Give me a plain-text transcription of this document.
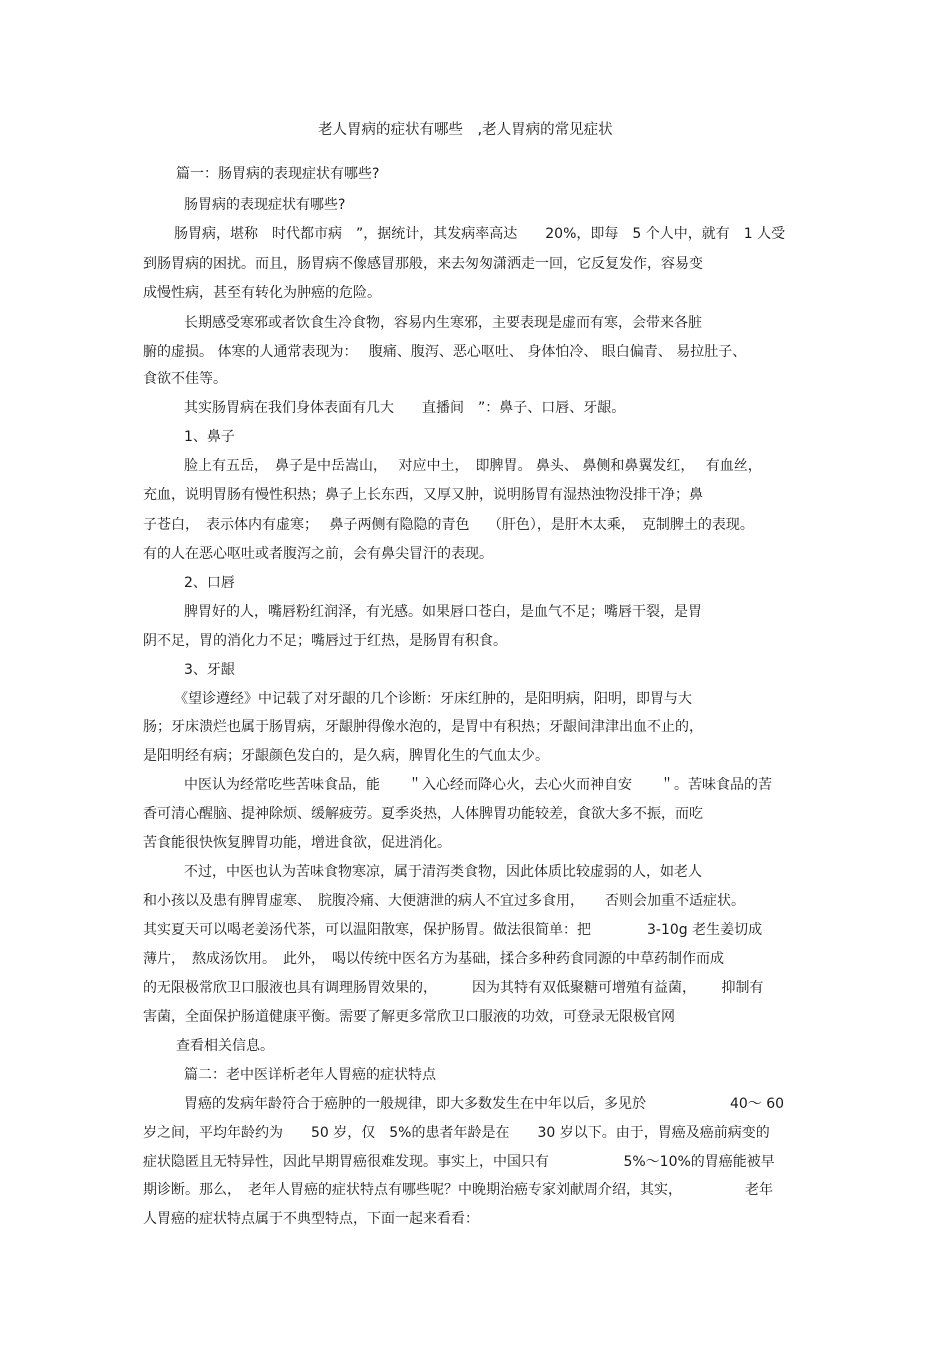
老人胃病的症状有哪些　,老人胃病的常见症状
篇一：肠胃病的表现症状有哪些?
肠胃病的表现症状有哪些?
肠胃病，堪称　时代都市病　”，据统计，其发病率高达　　20%，即每　5 个人中，就有　1 人受
到肠胃病的困扰。而且，肠胃病不像感冒那般，来去匆匆潇洒走一回，它反复发作，容易变
成慢性病，甚至有转化为肿癌的危险。
长期感受寒邪或者饮食生冷食物，容易内生寒邪，主要表现是虚而有寒，会带来各脏
腑的虚损。 体寒的人通常表现为：　 腹痛、腹泻、恶心呕吐、 身体怕冷、 眼白偏青、 易拉肚子、
食欲不佳等。
其实肠胃病在我们身体表面有几大　　直播间　”：鼻子、口唇、牙龈。
1、鼻子
脸上有五岳，　鼻子是中岳嵩山，　 对应中土，　即脾胃。 鼻头、 鼻侧和鼻翼发红，　 有血丝，
充血，说明胃肠有慢性积热；鼻子上长东西，又厚又肿，说明肠胃有湿热浊物没排干净；鼻
子苍白，　表示体内有虚寒；　 鼻子两侧有隐隐的青色　 （肝色），是肝木太乘，　克制脾土的表现。
有的人在恶心呕吐或者腹泻之前，会有鼻尖冒汗的表现。
2、口唇
脾胃好的人，嘴唇粉红润泽，有光感。如果唇口苍白，是血气不足；嘴唇干裂，是胃
阴不足，胃的消化力不足；嘴唇过于红热，是肠胃有积食。
3、牙龈
《望诊遵经》中记载了对牙龈的几个诊断：牙床红肿的，是阳明病，阳明，即胃与大
肠；牙床溃烂也属于肠胃病，牙龈肿得像水泡的，是胃中有积热；牙龈间津津出血不止的，
是阳明经有病；牙龈颜色发白的，是久病，脾胃化生的气血太少。
中医认为经常吃些苦味食品，能　　＂入心经而降心火，去心火而神自安　　＂。苦味食品的苦
香可清心醒脑、提神除烦、缓解疲劳。夏季炎热，人体脾胃功能较差，食欲大多不振，而吃
苦食能很快恢复脾胃功能，增进食欲，促进消化。
不过，中医也认为苦味食物寒凉，属于清泻类食物，因此体质比较虚弱的人，如老人
和小孩以及患有脾胃虚寒、　脘腹冷痛、大便溏泄的病人不宜过多食用，　　否则会加重不适症状。
其实夏天可以喝老姜汤代茶，可以温阳散寒，保护肠胃。做法很简单：把　　　　3-10g 老生姜切成
薄片，　熬成汤饮用。　此外，　喝以传统中医名方为基础，揉合多种药食同源的中草药制作而成
的无限极常欣卫口服液也具有调理肠胃效果的，　　　因为其特有双低聚糖可增殖有益菌，　　 抑制有
害菌，全面保护肠道健康平衡。需要了解更多常欣卫口服液的功效，可登录无限极官网
查看相关信息。
篇二：老中医详析老年人胃癌的症状特点
胃癌的发病年龄符合于癌肿的一般规律，即大多数发生在中年以后，多见於　　　　　　40～ 60
岁之间，平均年龄约为　　50 岁，仅　5%的患者年龄是在　　30 岁以下。由于，胃癌及癌前病变的
症状隐匿且无特异性，因此早期胃癌很难发现。事实上，中国只有　　　　　 5%～10%的胃癌能被早
期诊断。那么，　老年人胃癌的症状特点有哪些呢？中晚期治癌专家刘献周介绍，其实，　　　　　老年
人胃癌的症状特点属于不典型特点，下面一起来看看：
